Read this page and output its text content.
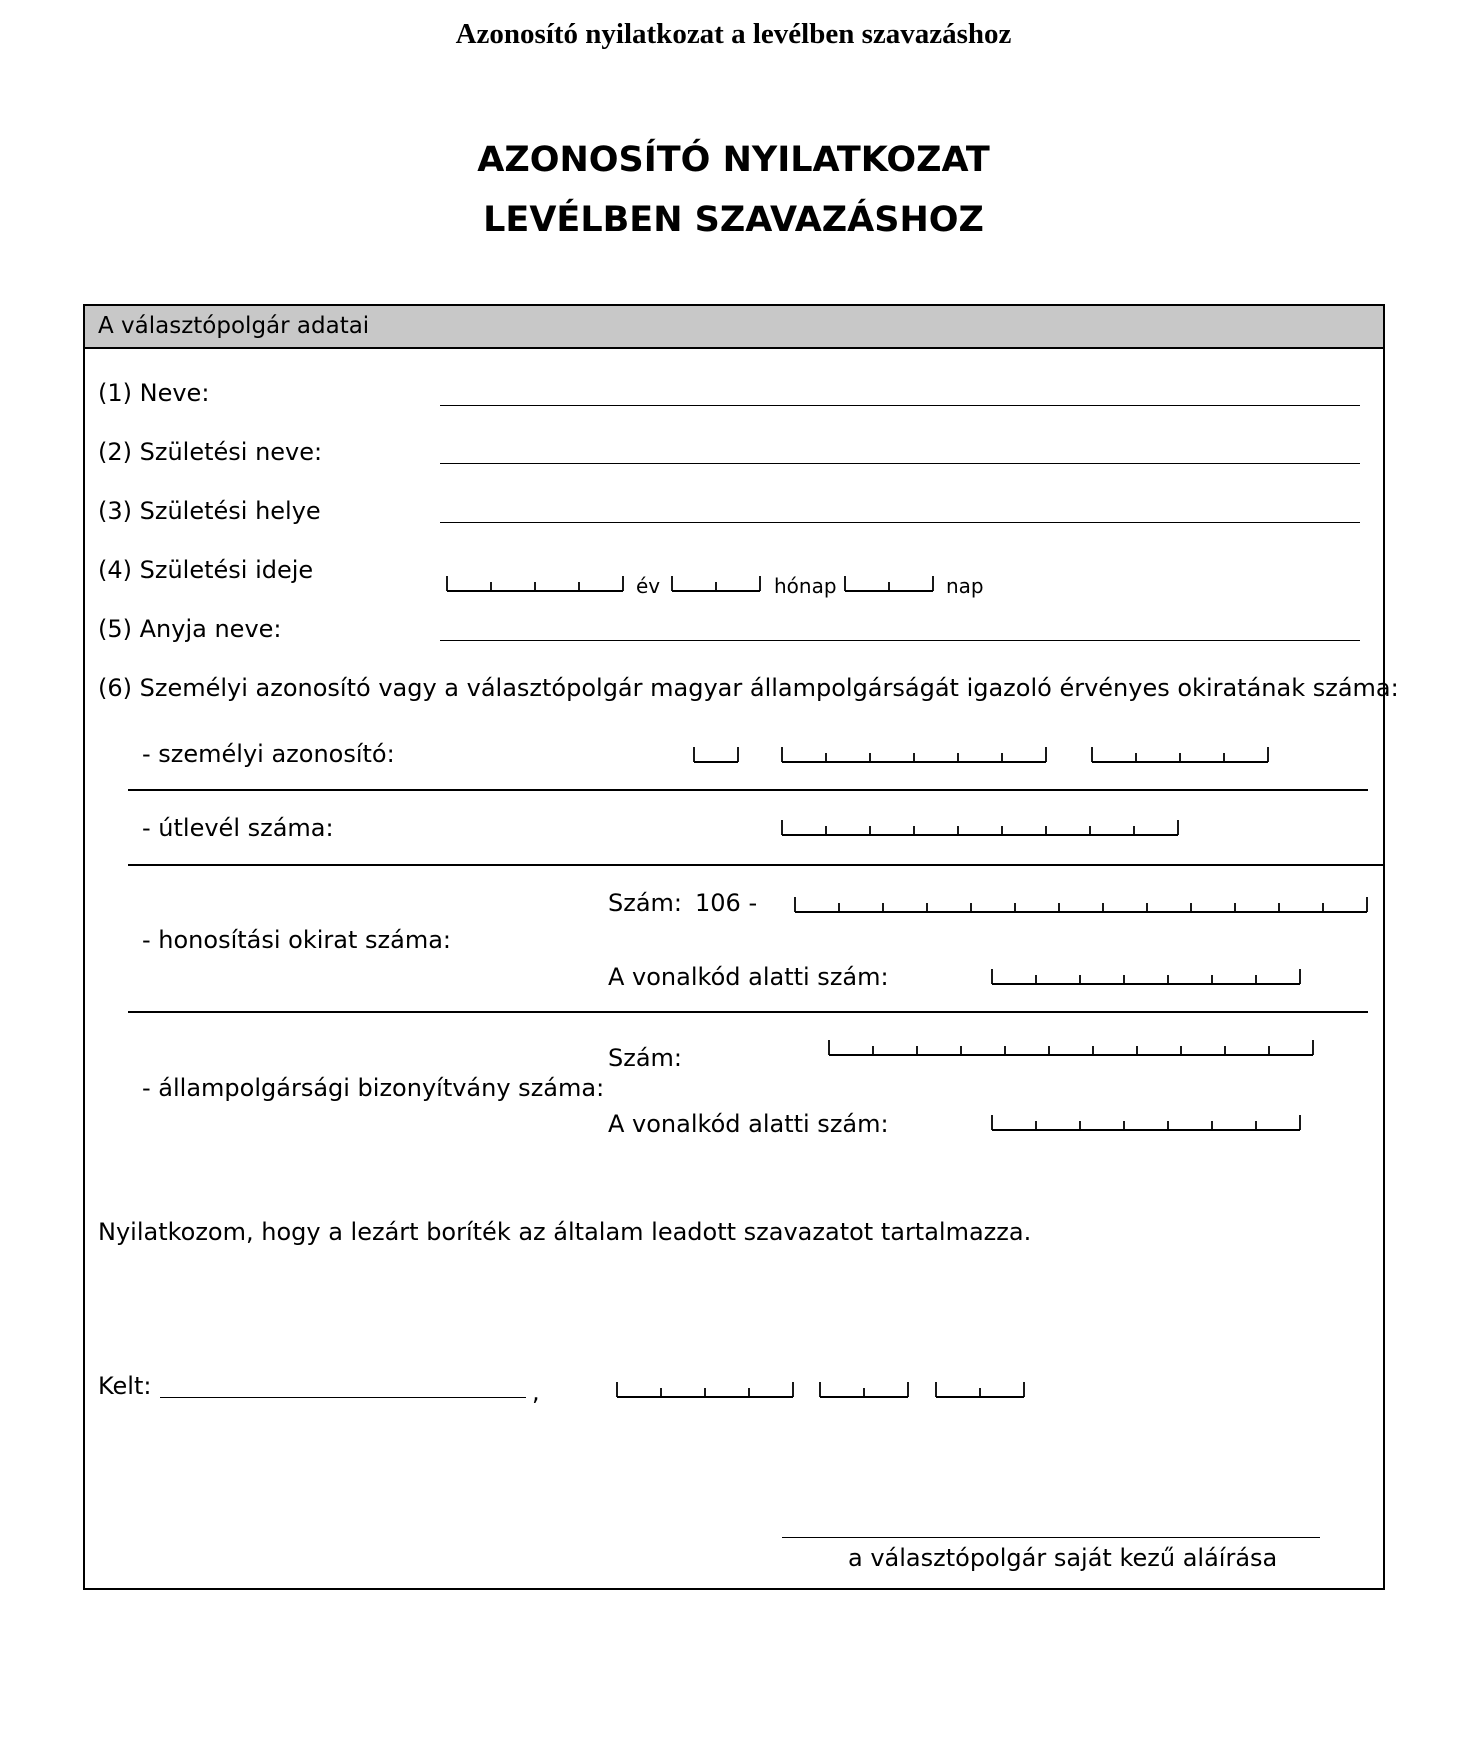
Azonosító nyilatkozat a levélben szavazáshoz
AZONOSÍTÓ NYILATKOZAT
LEVÉLBEN SZAVAZÁSHOZ
A választópolgár adatai
(1) Neve:
(2) Születési neve:
(3) Születési helye
(4) Születési ideje
év	hónap	nap
(5) Anyja neve:
(6) Személyi azonosító vagy a választópolgár magyar állampolgárságát igazoló érvényes okiratának száma:
- személyi azonosító:
- útlevél száma:
Szám: 106 -
- honosítási okirat száma:
A vonalkód alatti szám:
Szám:
- állampolgársági bizonyítvány száma:
A vonalkód alatti szám:
Nyilatkozom, hogy a lezárt boríték az általam leadott szavazatot tartalmazza.
Kelt:	,
a választópolgár saját kezű aláírása
